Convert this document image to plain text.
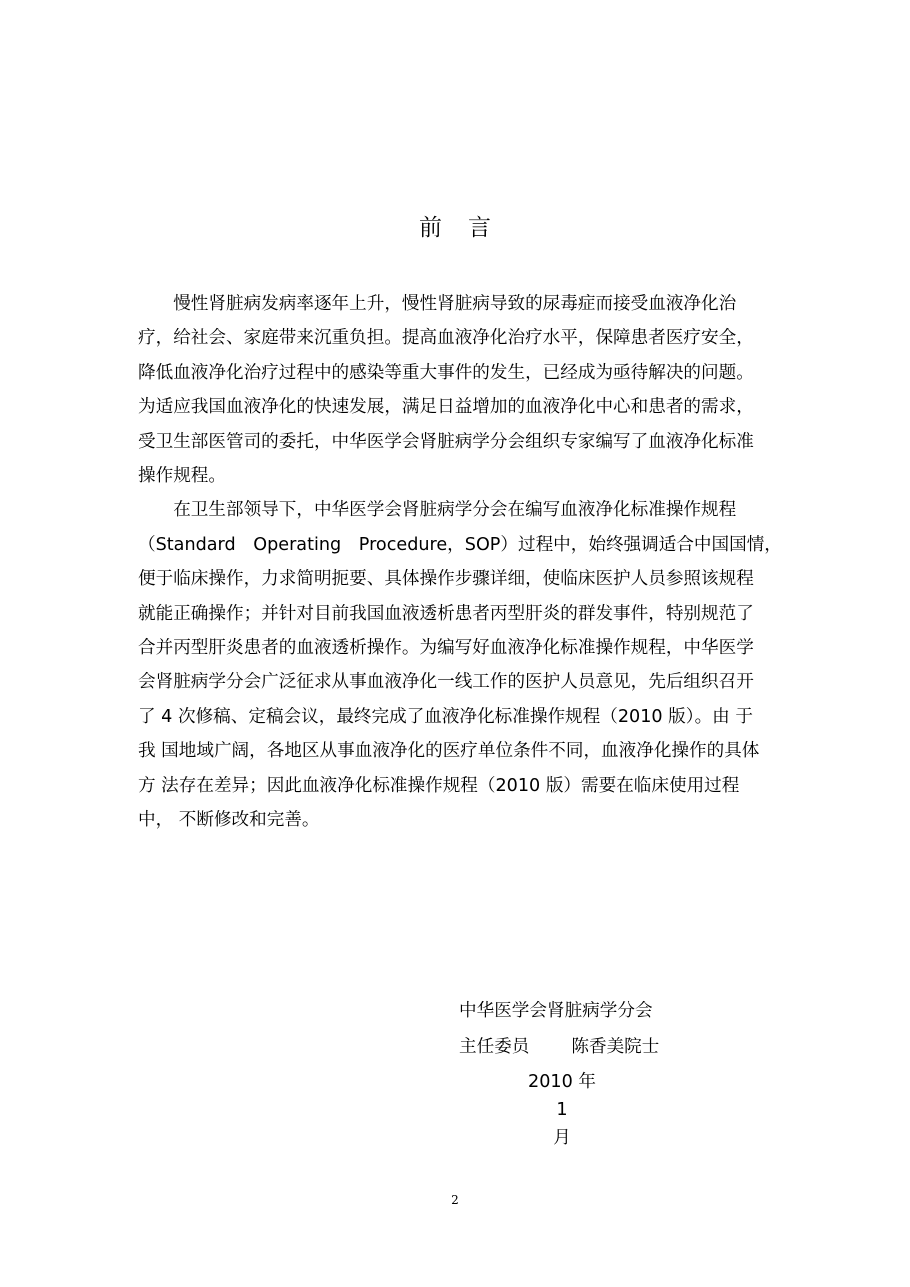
前 言

　　慢性肾脏病发病率逐年上升，慢性肾脏病导致的尿毒症而接受血液净化治
疗，给社会、家庭带来沉重负担。提高血液净化治疗水平，保障患者医疗安全，
降低血液净化治疗过程中的感染等重大事件的发生，已经成为亟待解决的问题。
为适应我国血液净化的快速发展，满足日益增加的血液净化中心和患者的需求，
受卫生部医管司的委托，中华医学会肾脏病学分会组织专家编写了血液净化标准
操作规程。

　　在卫生部领导下，中华医学会肾脏病学分会在编写血液净化标准操作规程
（Standard　Operating　Procedure，SOP）过程中，始终强调适合中国国情，
便于临床操作，力求简明扼要、具体操作步骤详细，使临床医护人员参照该规程
就能正确操作；并针对目前我国血液透析患者丙型肝炎的群发事件，特别规范了
合并丙型肝炎患者的血液透析操作。为编写好血液净化标准操作规程，中华医学
会肾脏病学分会广泛征求从事血液净化一线工作的医护人员意见，先后组织召开
了 4 次修稿、定稿会议，最终完成了血液净化标准操作规程（2010 版）。由 于
我 国地域广阔，各地区从事血液净化的医疗单位条件不同，血液净化操作的具体
方 法存在差异；因此血液净化标准操作规程（2010 版）需要在临床使用过程
中， 不断修改和完善。

中华医学会肾脏病学分会
主任委员 陈香美院士
2010 年 1
月
2
